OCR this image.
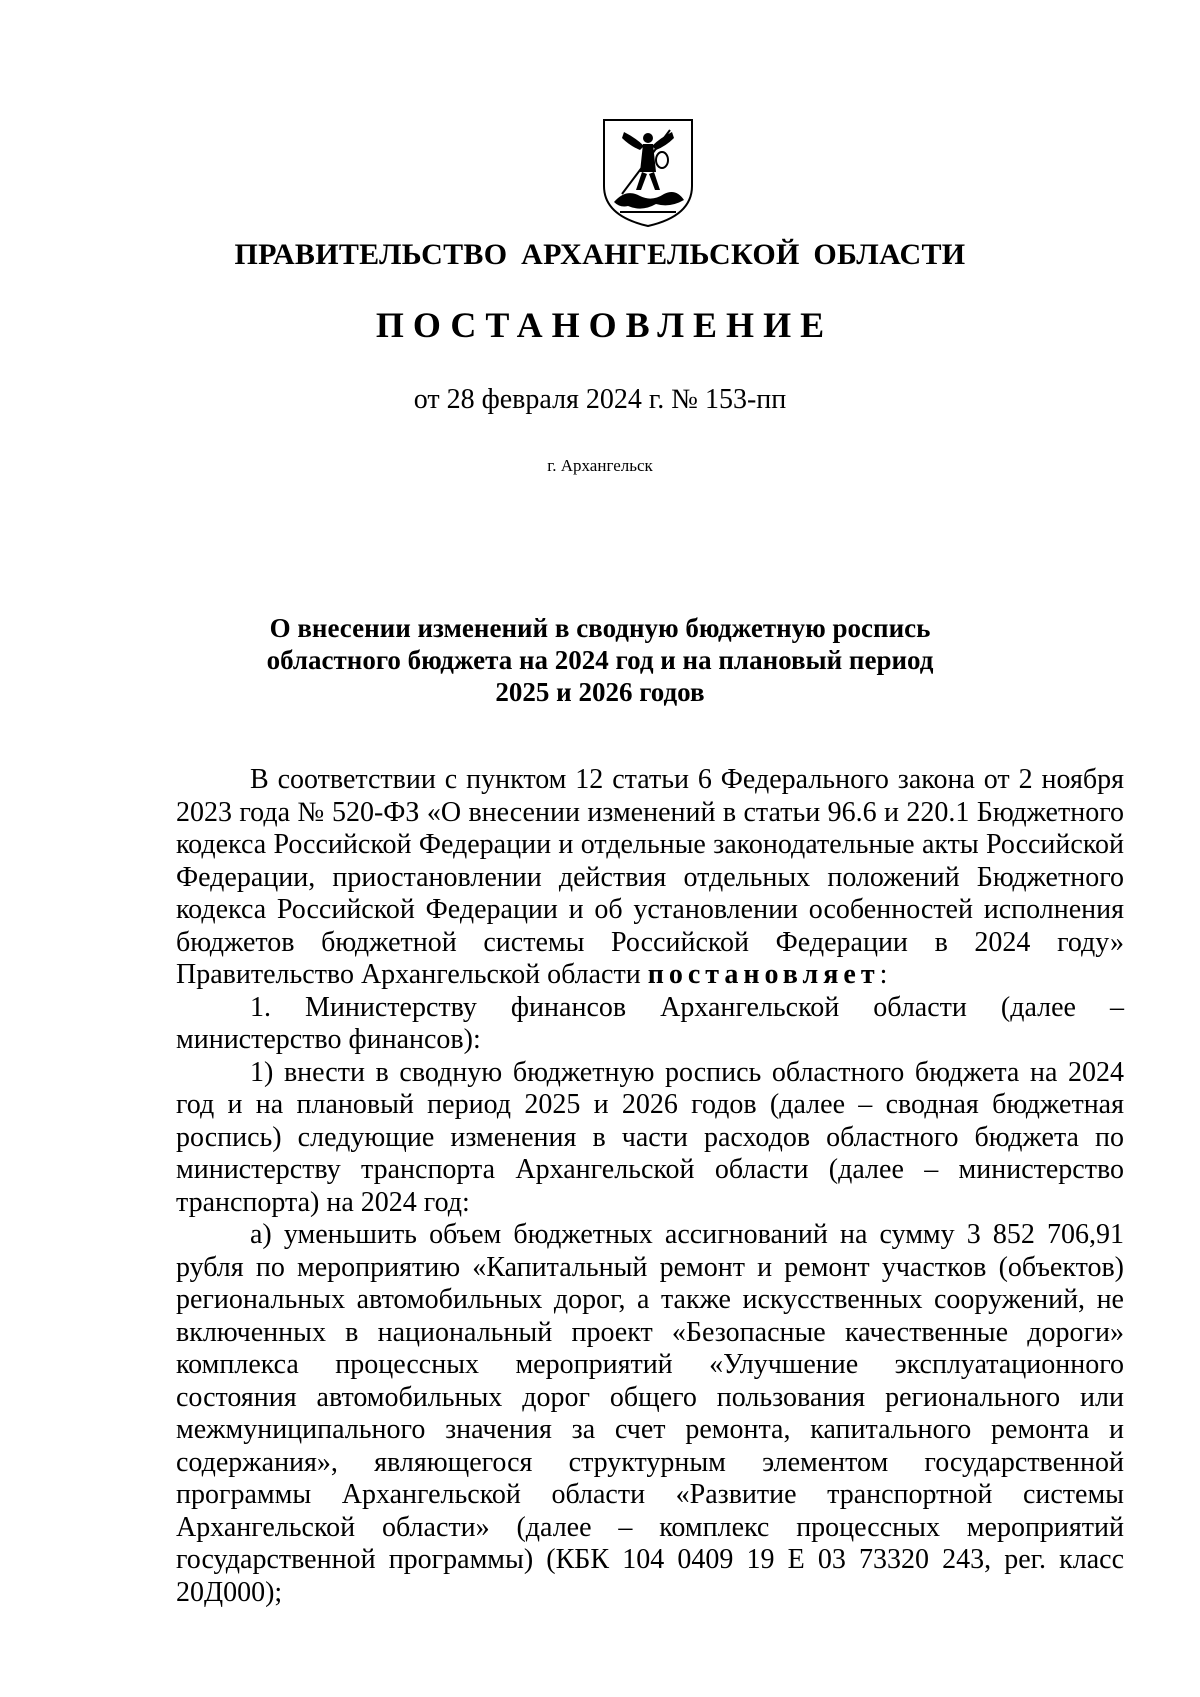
ПРАВИТЕЛЬСТВО АРХАНГЕЛЬСКОЙ ОБЛАСТИ
ПОСТАНОВЛЕНИЕ
от 28 февраля 2024 г. № 153-пп
г. Архангельск
О внесении изменений в сводную бюджетную роспись
областного бюджета на 2024 год и на плановый период
2025 и 2026 годов

В соответствии с пунктом 12 статьи 6 Федерального закона от 2 ноября 2023 года № 520-ФЗ «О внесении изменений в статьи 96.6 и 220.1 Бюджетного кодекса Российской Федерации и отдельные законодательные акты Российской Федерации, приостановлении действия отдельных положений Бюджетного кодекса Российской Федерации и об установлении особенностей исполнения бюджетов бюджетной системы Российской Федерации в 2024 году» Правительство Архангельской области постановляет:

1. Министерству финансов Архангельской области (далее – министерство финансов):

1) внести в сводную бюджетную роспись областного бюджета на 2024 год и на плановый период 2025 и 2026 годов (далее – сводная бюджетная роспись) следующие изменения в части расходов областного бюджета по министерству транспорта Архангельской области (далее – министерство транспорта) на 2024 год:

а) уменьшить объем бюджетных ассигнований на сумму 3 852 706,91 рубля по мероприятию «Капитальный ремонт и ремонт участков (объектов) региональных автомобильных дорог, а также искусственных сооружений, не включенных в национальный проект «Безопасные качественные дороги» комплекса процессных мероприятий «Улучшение эксплуатационного состояния автомобильных дорог общего пользования регионального или межмуниципального значения за счет ремонта, капитального ремонта и содержания», являющегося структурным элементом государственной программы Архангельской области «Развитие транспортной системы Архангельской области» (далее – комплекс процессных мероприятий государственной программы) (КБК 104 0409 19 Е 03 73320 243, рег. класс 20Д000);
